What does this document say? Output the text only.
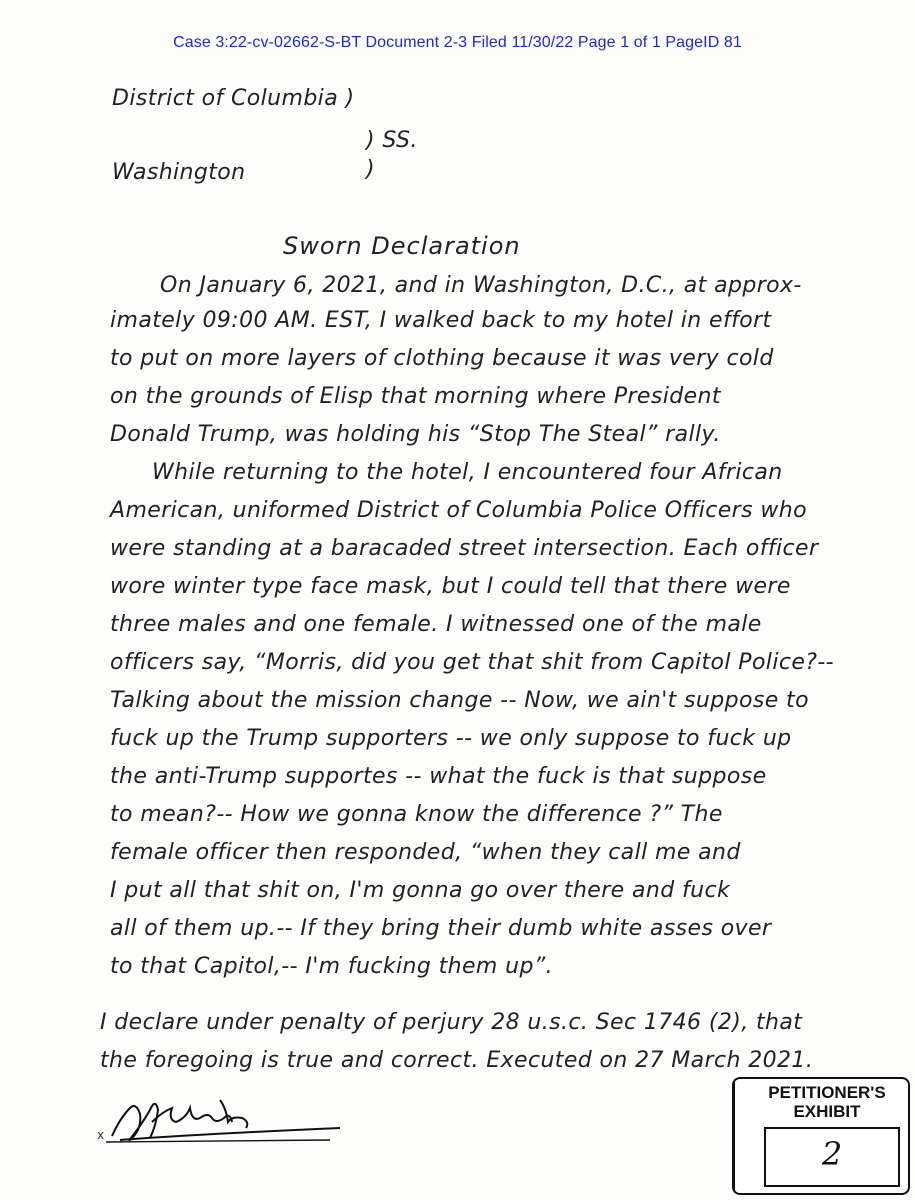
Case 3:22-cv-02662-S-BT Document 2-3 Filed 11/30/22 Page 1 of 1 PageID 81
District of Columbia )
) SS.
Washington	)
Sworn Declaration
On January 6, 2021, and in Washington, D.C., at approx-
imately 09:00 AM. EST, I walked back to my hotel in effort
to put on more layers of clothing because it was very cold
on the grounds of Elisp that morning where President
Donald Trump, was holding his “Stop The Steal” rally.
While returning to the hotel, I encountered four African
American, uniformed District of Columbia Police Officers who
were standing at a baracaded street intersection. Each officer
wore winter type face mask, but I could tell that there were
three males and one female. I witnessed one of the male
officers say, “Morris, did you get that shit from Capitol Police?--
Talking about the mission change -- Now, we ain't suppose to
fuck up the Trump supporters -- we only suppose to fuck up
the anti-Trump supportes -- what the fuck is that suppose
to mean?-- How we gonna know the difference ?” The
female officer then responded, “when they call me and
I put all that shit on, I'm gonna go over there and fuck
all of them up.-- If they bring their dumb white asses over
to that Capitol,-- I'm fucking them up”.
I declare under penalty of perjury 28 u.s.c. Sec 1746 (2), that
the foregoing is true and correct. Executed on 27 March 2021.
x
PETITIONER'S
EXHIBIT
2
